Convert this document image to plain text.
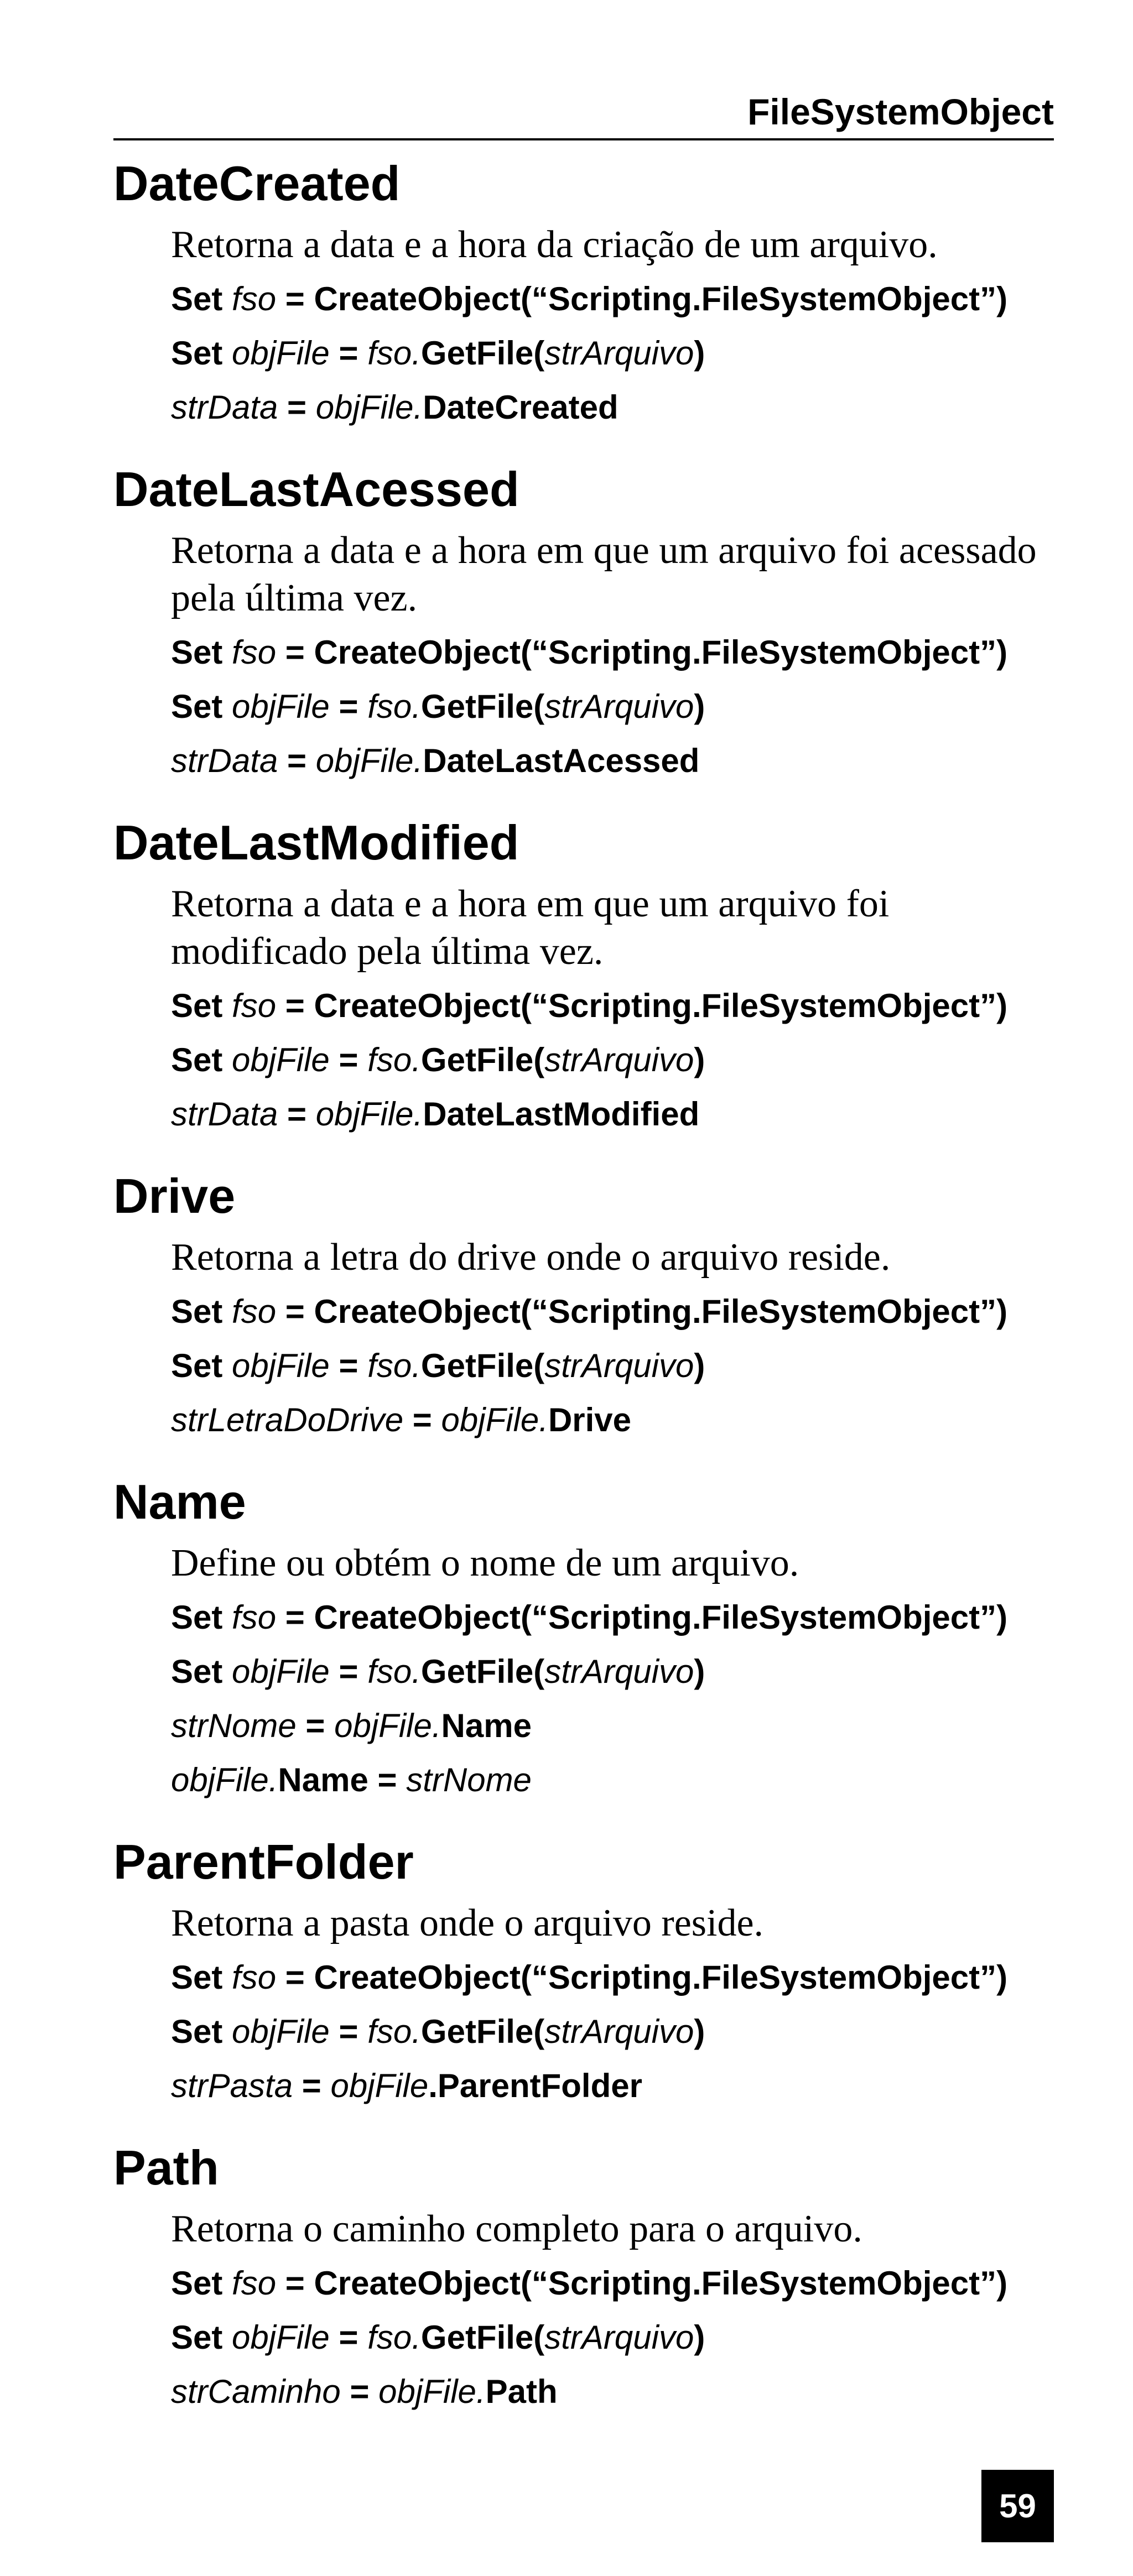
FileSystemObject
DateCreated
Retorna a data e a hora da criação de um arquivo.
Set fso = CreateObject(“Scripting.FileSystemObject”)
Set objFile = fso.GetFile(strArquivo)
strData = objFile.DateCreated
DateLastAcessed
Retorna a data e a hora em que um arquivo foi acessado pela última vez.
Set fso = CreateObject(“Scripting.FileSystemObject”)
Set objFile = fso.GetFile(strArquivo)
strData = objFile.DateLastAcessed
DateLastModified
Retorna a data e a hora em que um arquivo foi modificado pela última vez.
Set fso = CreateObject(“Scripting.FileSystemObject”)
Set objFile = fso.GetFile(strArquivo)
strData = objFile.DateLastModified
Drive
Retorna a letra do drive onde o arquivo reside.
Set fso = CreateObject(“Scripting.FileSystemObject”)
Set objFile = fso.GetFile(strArquivo)
strLetraDoDrive = objFile.Drive
Name
Define ou obtém o nome de um arquivo.
Set fso = CreateObject(“Scripting.FileSystemObject”)
Set objFile = fso.GetFile(strArquivo)
strNome = objFile.Name
objFile.Name = strNome
ParentFolder
Retorna a pasta onde o arquivo reside.
Set fso = CreateObject(“Scripting.FileSystemObject”)
Set objFile = fso.GetFile(strArquivo)
strPasta = objFile.ParentFolder
Path
Retorna o caminho completo para o arquivo.
Set fso = CreateObject(“Scripting.FileSystemObject”)
Set objFile = fso.GetFile(strArquivo)
strCaminho = objFile.Path
59
